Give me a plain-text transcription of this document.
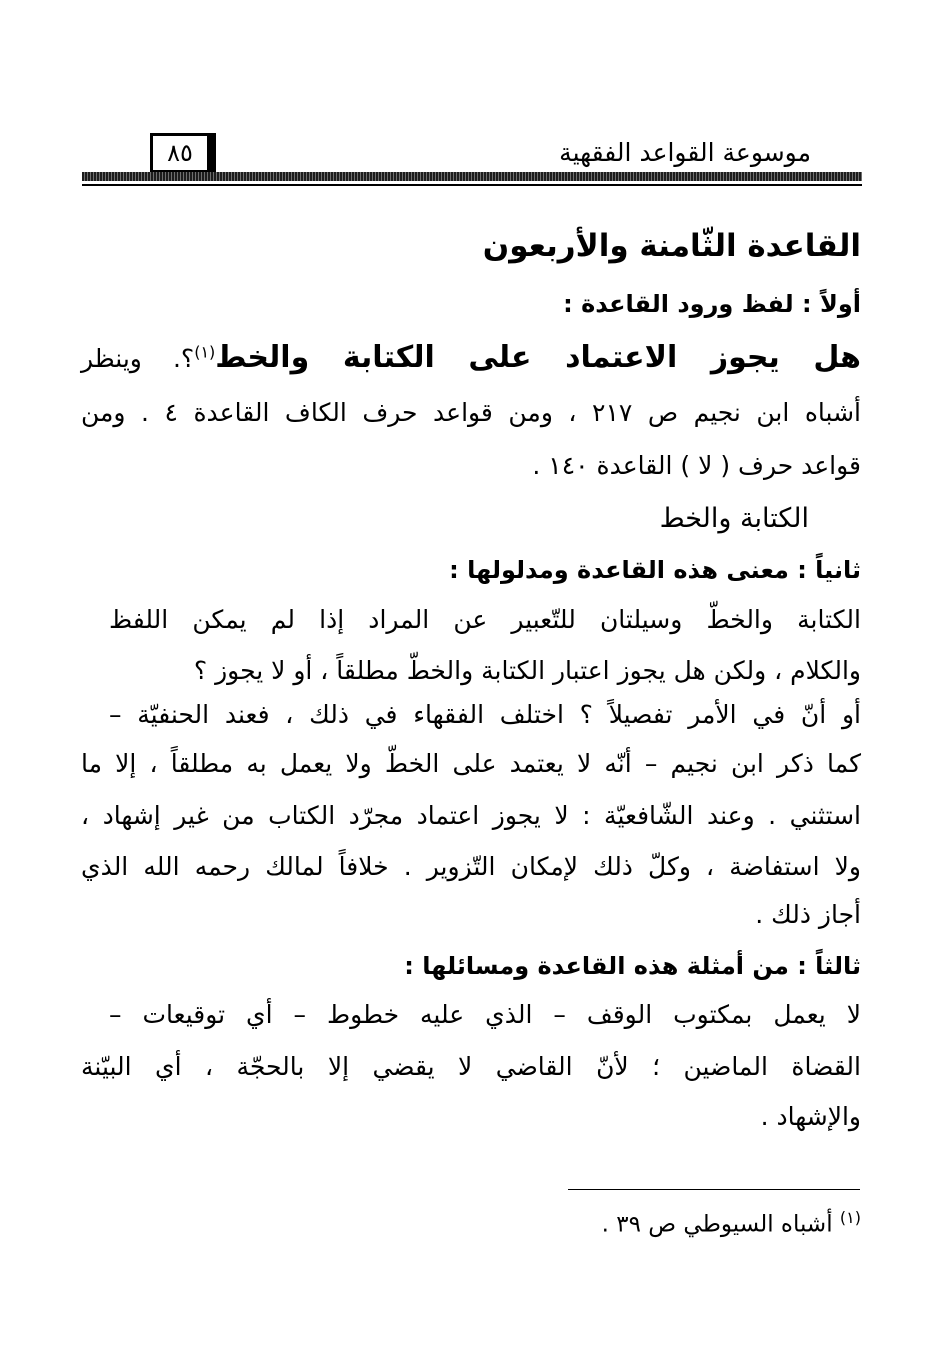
موسوعة القواعد الفقهية
٨٥
القاعدة الثّامنة والأربعون
أولاً : لفظ ورود القاعدة :
هل يجوز الاعتماد على الكتابة والخط$^{(١)}$؟. وينظر
أشباه ابن نجيم ص ٢١٧ ، ومن قواعد حرف الكاف القاعدة ٤ . ومن
قواعد حرف ( لا ) القاعدة ١٤٠ .
الكتابة والخط
ثانياً : معنى هذه القاعدة ومدلولها :
الكتابة والخطّ وسيلتان للتّعبير عن المراد إذا لم يمكن اللفظ
والكلام ، ولكن هل يجوز اعتبار الكتابة والخطّ مطلقاً ، أو لا يجوز ؟
أو أنّ في الأمر تفصيلاً ؟ اختلف الفقهاء في ذلك ، فعند الحنفيّة –
كما ذكر ابن نجيم – أنّه لا يعتمد على الخطّ ولا يعمل به مطلقاً ، إلا ما
استثني . وعند الشّافعيّة : لا يجوز اعتماد مجرّد الكتاب من غير إشهاد ،
ولا استفاضة ، وكلّ ذلك لإمكان التّزوير . خلافاً لمالك رحمه الله الذي
أجاز ذلك .
ثالثاً : من أمثلة هذه القاعدة ومسائلها :
لا يعمل بمكتوب الوقف – الذي عليه خطوط – أي توقيعات –
القضاة الماضين ؛ لأنّ القاضي لا يقضي إلا بالحجّة ، أي البيّنة
والإشهاد .
$^{(١)}$ أشباه السيوطي ص ٣٩ .
